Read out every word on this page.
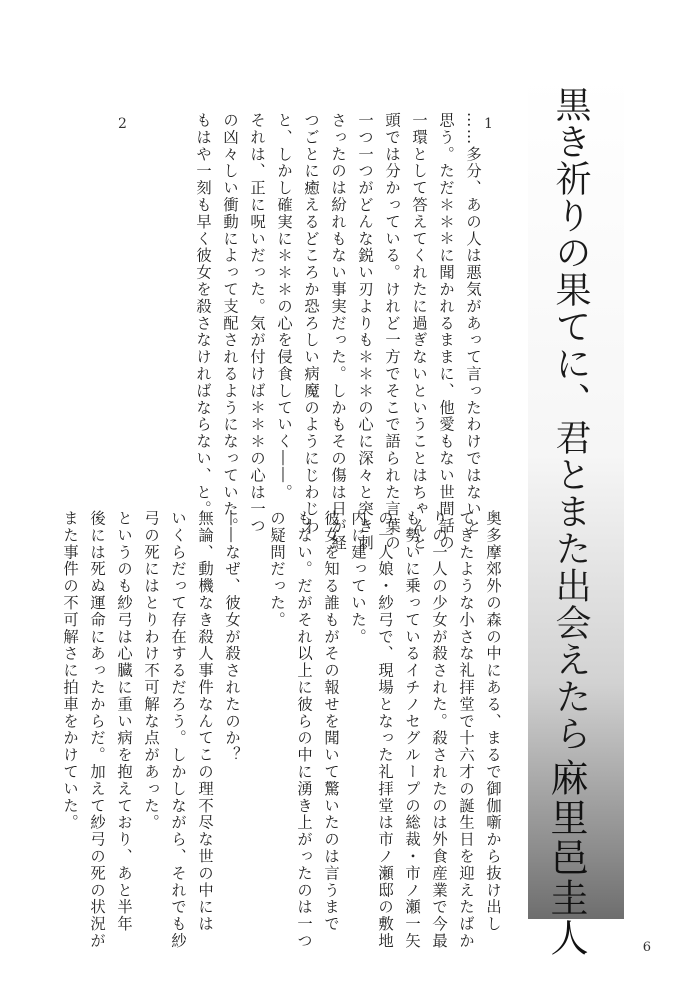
黒き祈りの果てに、君とまた出会えたら
麻里邑圭人
1
2	……多分、あの人は悪気があって言ったわけではないと
思う。ただ＊＊＊に聞かれるままに、他愛もない世間話の
一環として答えてくれたに過ぎないということはちゃんと
頭では分かっている。けれど一方でそこで語られた言葉の
一つ一つがどんな鋭い刃よりも＊＊＊の心に深々と突き刺
さったのは紛れもない事実だった。しかもその傷は日が経
つごとに癒えるどころか恐ろしい病魔のようにじわじわ
と、しかし確実に＊＊＊の心を侵食していく――。
それは、正に呪いだった。気が付けば＊＊＊の心は一つ
の凶々しい衝動によって支配されるようになっていた。
もはや一刻も早く彼女を殺さなければならない、と。
奥多摩郊外の森の中にある、まるで御伽噺から抜け出し
てきたような小さな礼拝堂で十六才の誕生日を迎えたばか
りの一人の少女が殺された。殺されたのは外食産業で今最
も勢いに乗っているイチノセグループの総裁・市ノ瀬一矢
の一人娘・紗弓で、現場となった礼拝堂は市ノ瀬邸の敷地
内に建っていた。
彼女を知る誰もがその報せを聞いて驚いたのは言うまで
もない。だがそれ以上に彼らの中に湧き上がったのは一つ
の疑問だった。
――なぜ、彼女が殺されたのか？
無論、動機なき殺人事件なんてこの理不尽な世の中には
いくらだって存在するだろう。しかしながら、それでも紗
弓の死にはとりわけ不可解な点があった。
というのも紗弓は心臓に重い病を抱えており、あと半年
後には死ぬ運命にあったからだ。加えて紗弓の死の状況が
また事件の不可解さに拍車をかけていた。
6
